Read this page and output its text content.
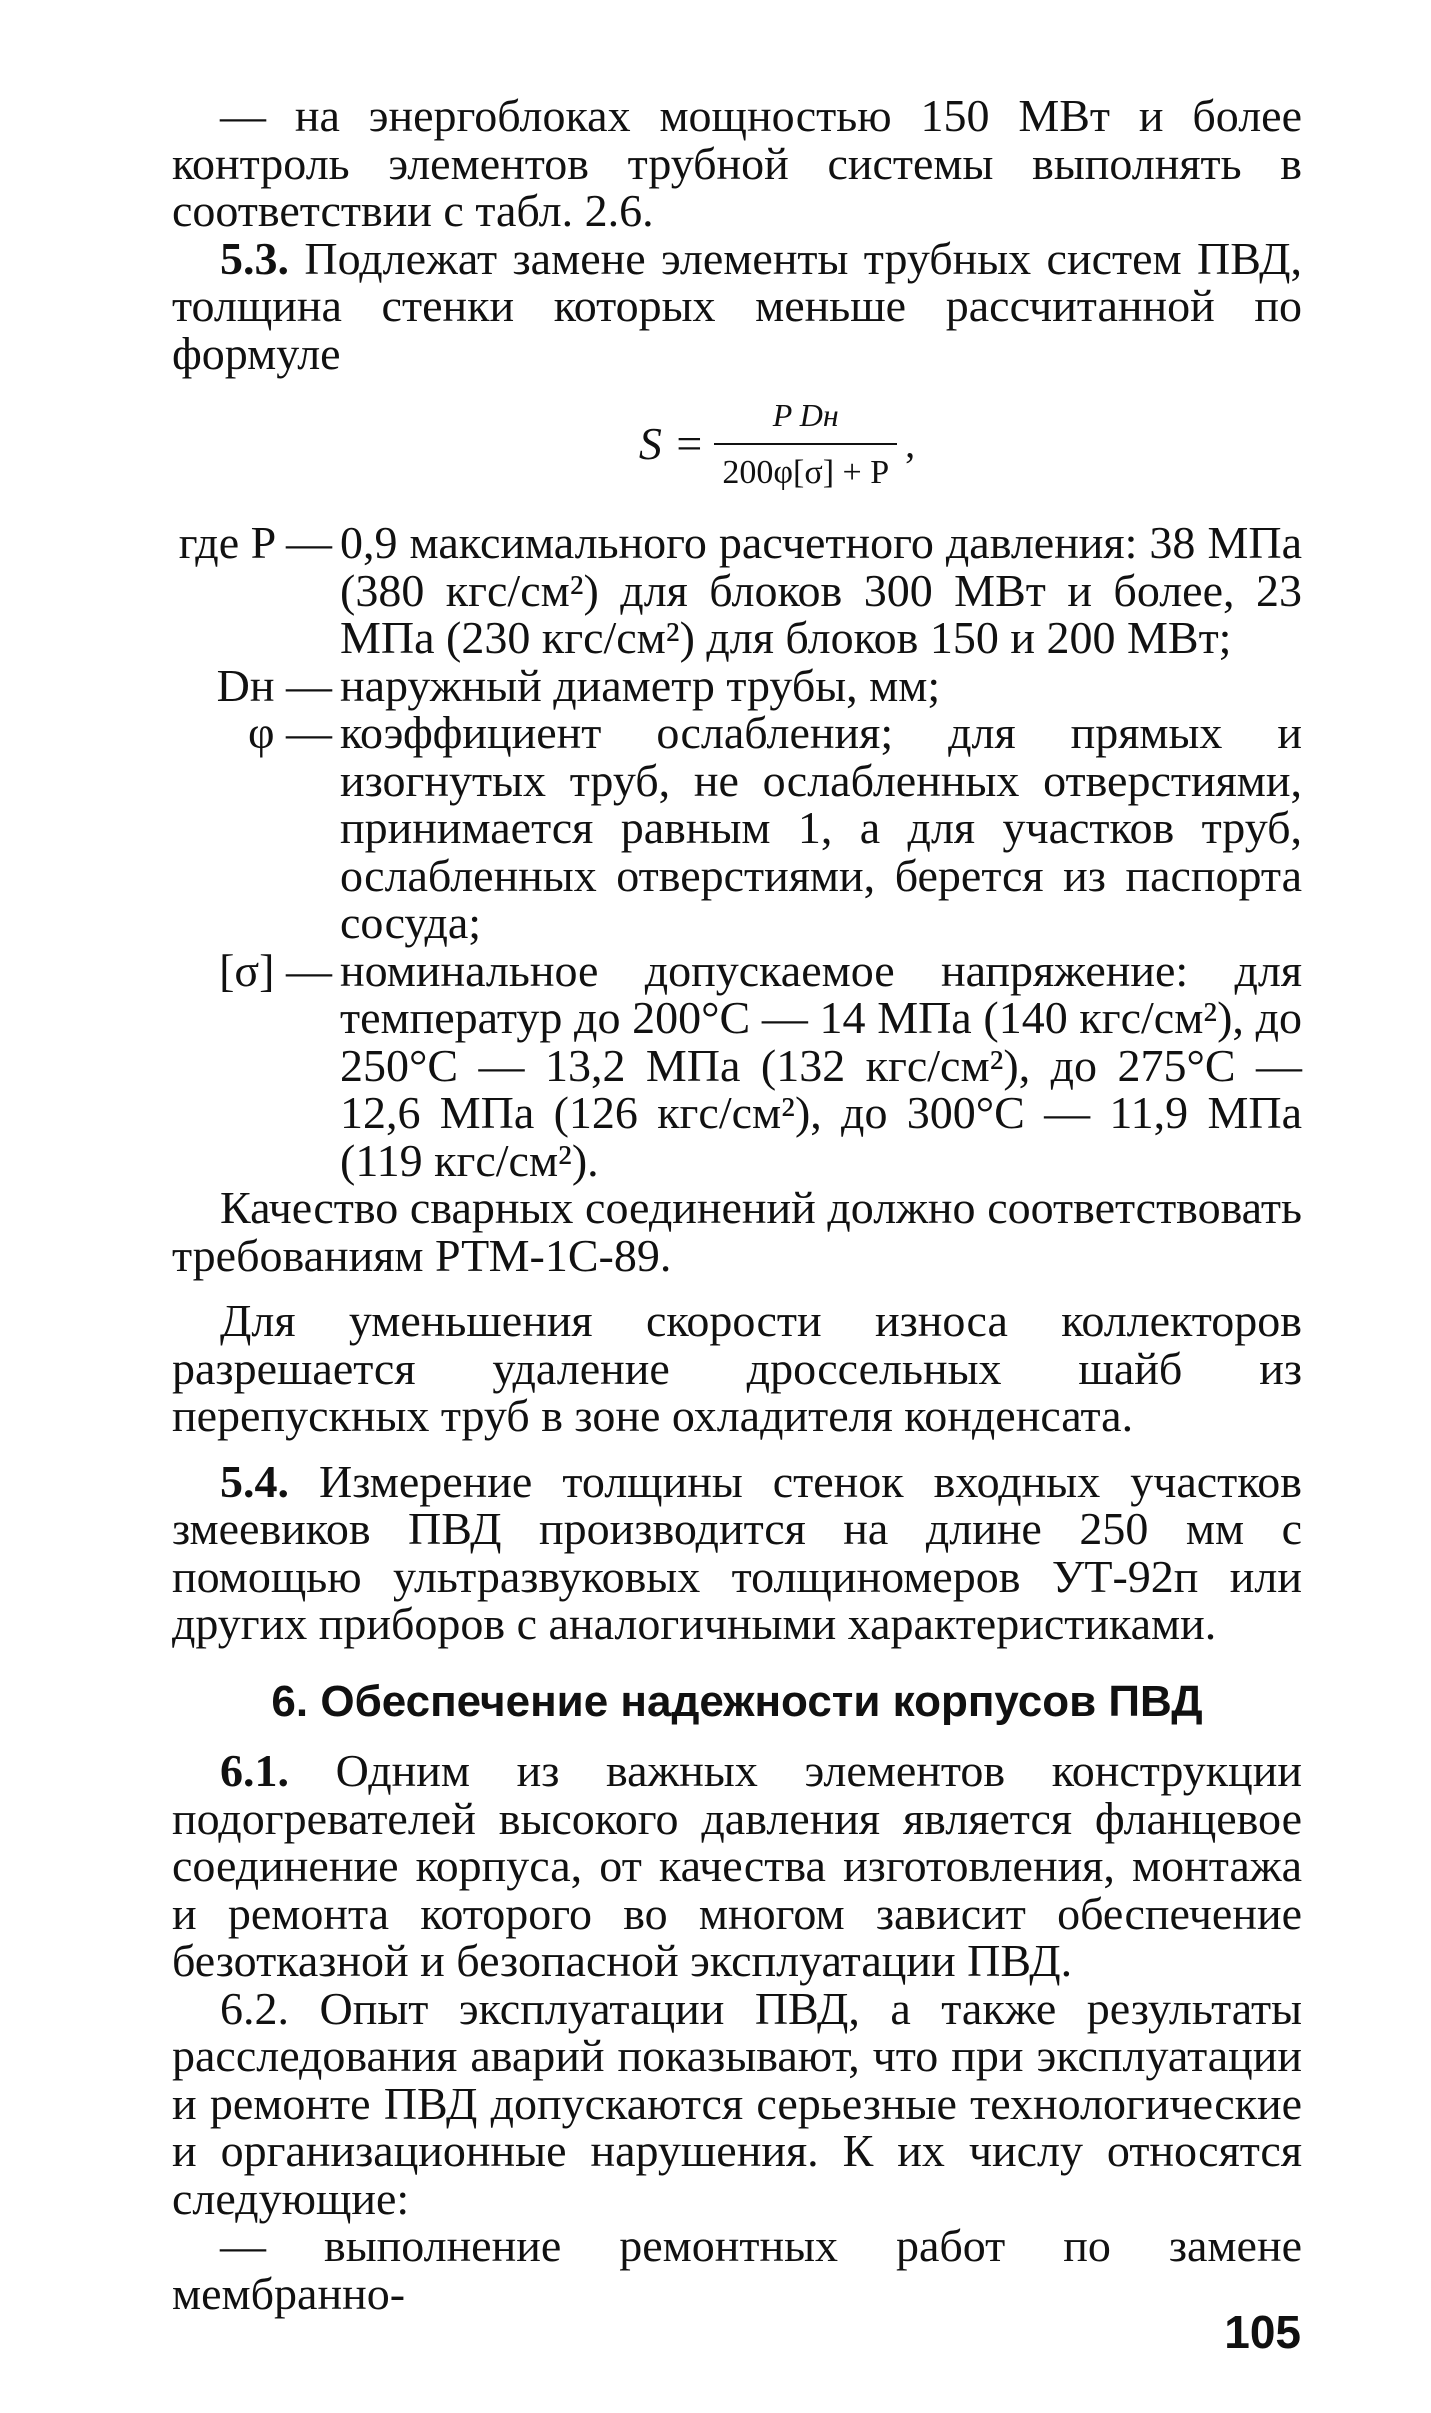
— на энергоблоках мощностью 150 МВт и более контроль элементов трубной системы выполнять в соответствии с табл. 2.6.

5.3. Подлежат замене элементы трубных систем ПВД, толщина стенки которых меньше рассчитанной по формуле

$S = \frac{\text{P Dн}}{200\varphi[\sigma] + P}$ ,
где P — 0,9 максимального расчетного давления: 38 МПа (380 кгс/см²) для блоков 300 МВт и более, 23 МПа (230 кгс/см²) для блоков 150 и 200 МВт;
Dн — наружный диаметр трубы, мм;
φ — коэффициент ослабления; для прямых и изогнутых труб, не ослабленных отверстиями, принимается равным 1, а для участков труб, ослабленных отверстиями, берется из паспорта сосуда;
[σ] — номинальное допускаемое напряжение: для температур до 200°С — 14 МПа (140 кгс/см²), до 250°С — 13,2 МПа (132 кгс/см²), до 275°С — 12,6 МПа (126 кгс/см²), до 300°С — 11,9 МПа (119 кгс/см²).

Качество сварных соединений должно соответствовать требованиям РТМ-1С-89.

Для уменьшения скорости износа коллекторов разрешается удаление дроссельных шайб из перепускных труб в зоне охладителя конденсата.

5.4. Измерение толщины стенок входных участков змеевиков ПВД производится на длине 250 мм с помощью ультразвуковых толщиномеров УТ-92п или других приборов с аналогичными характеристиками.

6. Обеспечение надежности корпусов ПВД

6.1. Одним из важных элементов конструкции подогревателей высокого давления является фланцевое соединение корпуса, от качества изготовления, монтажа и ремонта которого во многом зависит обеспечение безотказной и безопасной эксплуатации ПВД.

6.2. Опыт эксплуатации ПВД, а также результаты расследования аварий показывают, что при эксплуатации и ремонте ПВД допускаются серьезные технологические и организационные нарушения. К их числу относятся следующие:

— выполнение ремонтных работ по замене мембранно-

105
